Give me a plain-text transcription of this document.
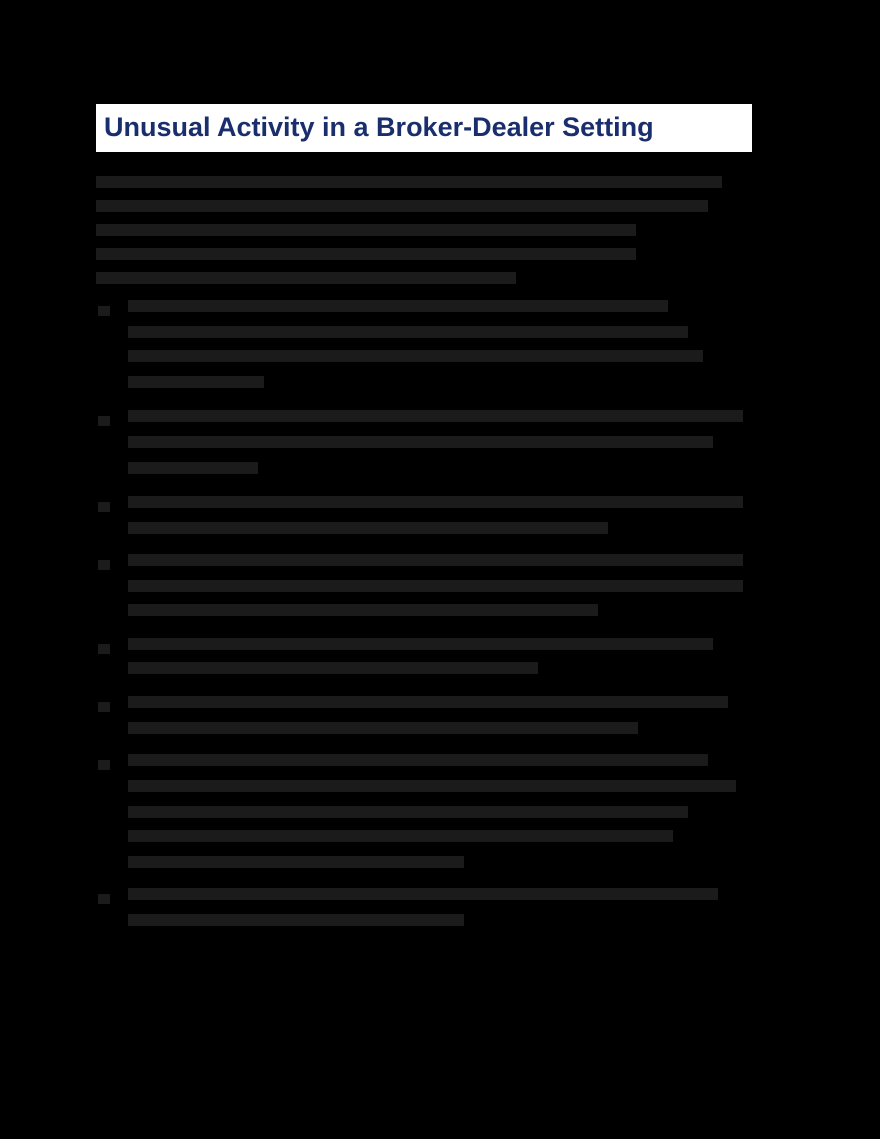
Unusual Activity in a Broker-Dealer Setting
